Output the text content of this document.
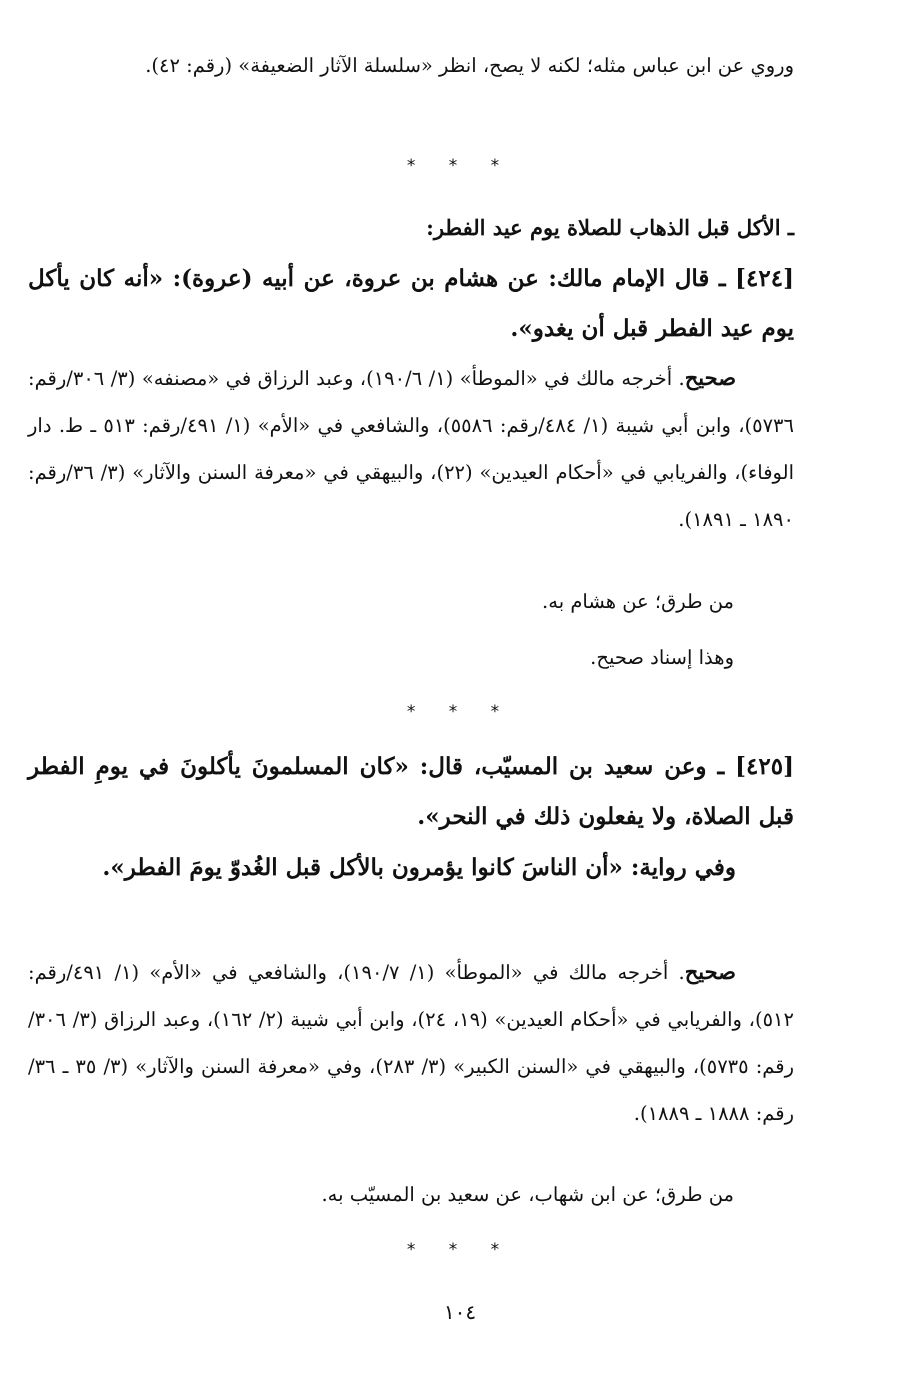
وروي عن ابن عباس مثله؛ لكنه لا يصح، انظر «سلسلة الآثار الضعيفة» (رقم: ٤٢).

* * *

ـ الأكل قبل الذهاب للصلاة يوم عيد الفطر:

[٤٢٤] ـ قال الإمام مالك: عن هشام بن عروة، عن أبيه (عروة): «أنه كان يأكل يوم عيد الفطر قبل أن يغدو».

صحيح. أخرجه مالك في «الموطأ» (١/ ١٩٠/٦)، وعبد الرزاق في «مصنفه» (٣/ ٣٠٦/رقم: ٥٧٣٦)، وابن أبي شيبة (١/ ٤٨٤/رقم: ٥٥٨٦)، والشافعي في «الأم» (١/ ٤٩١/رقم: ٥١٣ ـ ط. دار الوفاء)، والفريابي في «أحكام العيدين» (٢٢)، والبيهقي في «معرفة السنن والآثار» (٣/ ٣٦/رقم: ١٨٩٠ ـ ١٨٩١).

من طرق؛ عن هشام به.

وهذا إسناد صحيح.

* * *

[٤٢٥] ـ وعن سعيد بن المسيّب، قال: «كان المسلمونَ يأكلونَ في يومِ الفطر قبل الصلاة، ولا يفعلون ذلك في النحر».

وفي رواية: «أن الناسَ كانوا يؤمرون بالأكل قبل الغُدوّ يومَ الفطر».

صحيح. أخرجه مالك في «الموطأ» (١/ ١٩٠/٧)، والشافعي في «الأم» (١/ ٤٩١/رقم: ٥١٢)، والفريابي في «أحكام العيدين» (١٩، ٢٤)، وابن أبي شيبة (٢/ ١٦٢)، وعبد الرزاق (٣/ ٣٠٦/رقم: ٥٧٣٥)، والبيهقي في «السنن الكبير» (٣/ ٢٨٣)، وفي «معرفة السنن والآثار» (٣/ ٣٥ ـ ٣٦/رقم: ١٨٨٨ ـ ١٨٨٩).

من طرق؛ عن ابن شهاب، عن سعيد بن المسيّب به.

* * *

١٠٤
